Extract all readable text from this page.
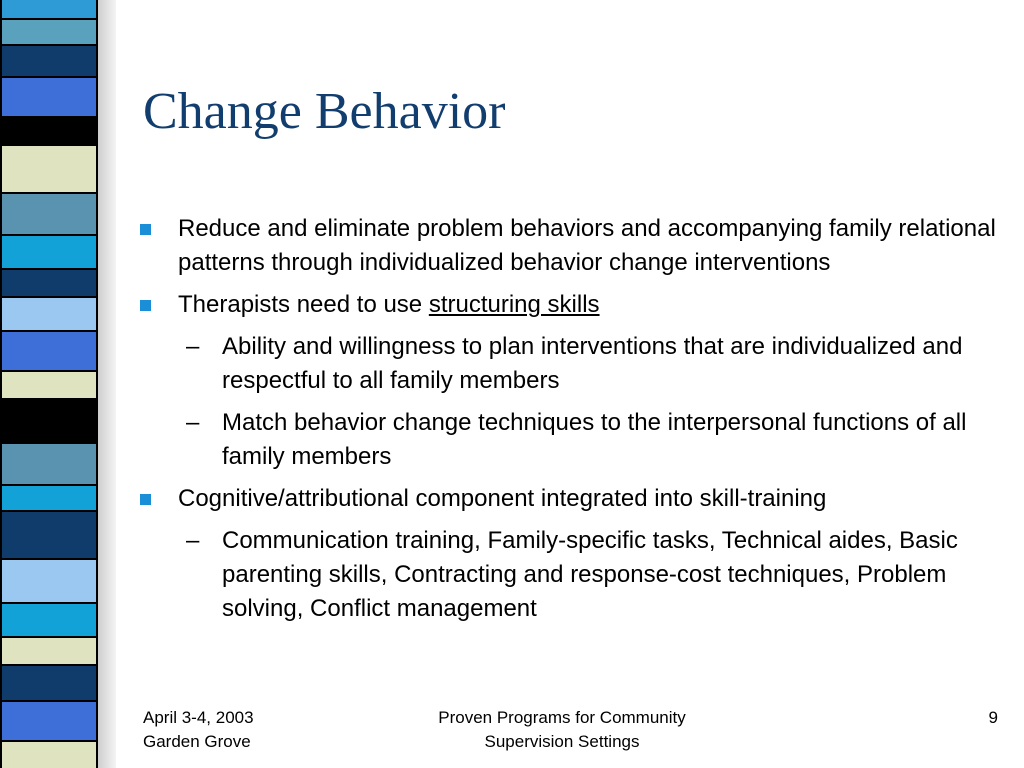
Change Behavior
Reduce and eliminate problem behaviors and accompanying family relational patterns through individualized behavior change interventions
Therapists need to use structuring skills
– Ability and willingness to plan interventions that are individualized and respectful to all family members
– Match behavior change techniques to the interpersonal functions of all family members
Cognitive/attributional component integrated into skill-training
– Communication training, Family-specific tasks, Technical aides, Basic parenting skills, Contracting and response-cost techniques, Problem solving, Conflict management
April 3-4, 2003
Garden Grove
Proven Programs for Community
Supervision Settings
9
